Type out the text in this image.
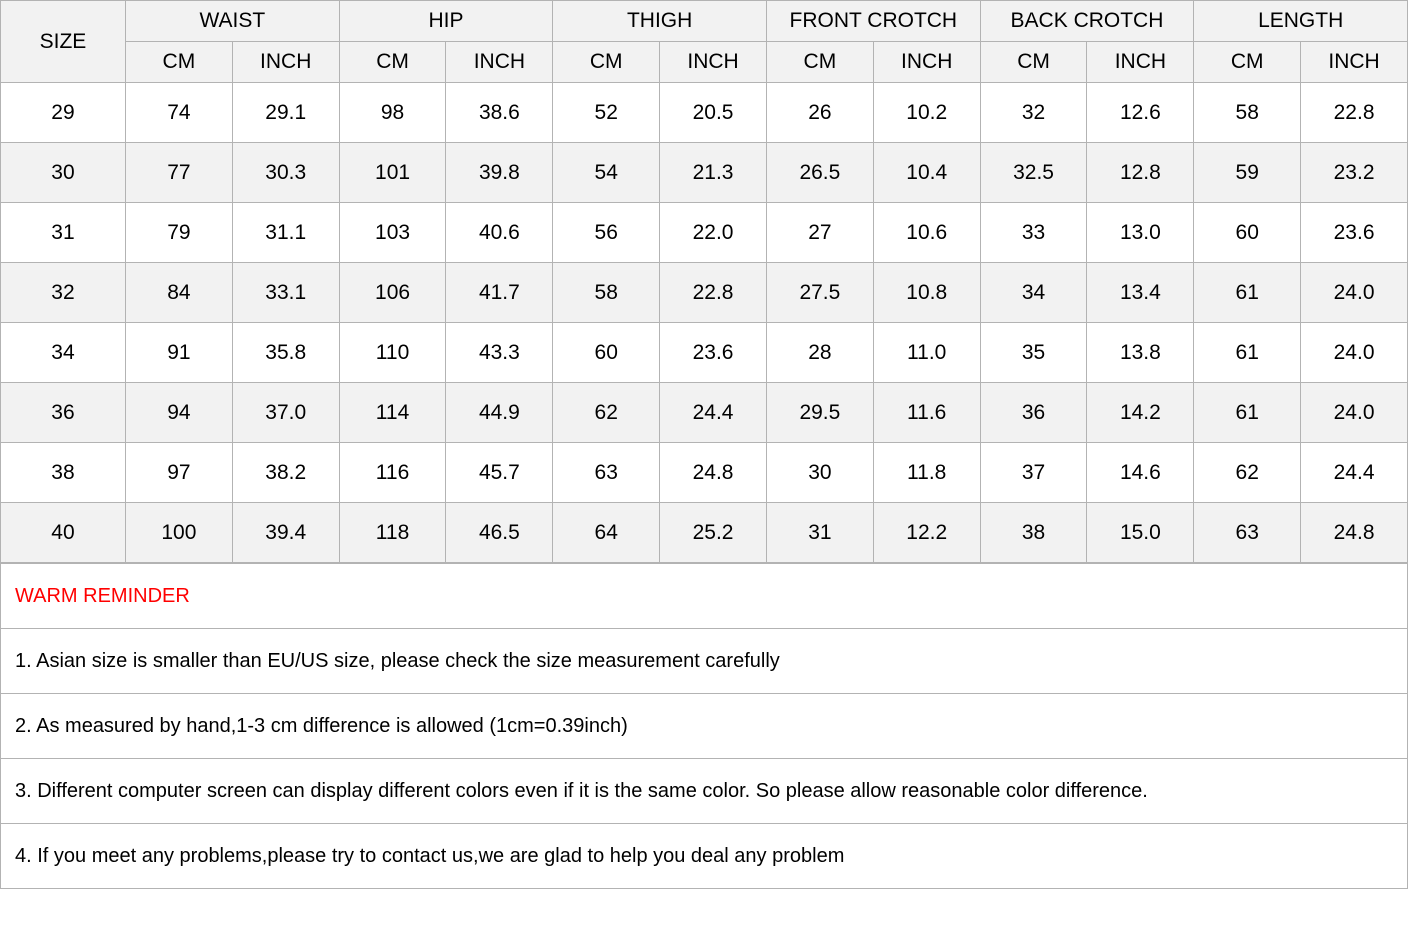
SIZE	WAIST		HIP		THIGH		FRONT CROTCH		BACK CROTCH		LENGTH	
	CM	INCH	CM	INCH	CM	INCH	CM	INCH	CM	INCH	CM	INCH
29	74	29.1	98	38.6	52	20.5	26	10.2	32	12.6	58	22.8
30	77	30.3	101	39.8	54	21.3	26.5	10.4	32.5	12.8	59	23.2
31	79	31.1	103	40.6	56	22.0	27	10.6	33	13.0	60	23.6
32	84	33.1	106	41.7	58	22.8	27.5	10.8	34	13.4	61	24.0
34	91	35.8	110	43.3	60	23.6	28	11.0	35	13.8	61	24.0
36	94	37.0	114	44.9	62	24.4	29.5	11.6	36	14.2	61	24.0
38	97	38.2	116	45.7	63	24.8	30	11.8	37	14.6	62	24.4
40	100	39.4	118	46.5	64	25.2	31	12.2	38	15.0	63	24.8
WARM REMINDER
1. Asian size is smaller than EU/US size, please check the size measurement carefully
2. As measured by hand,1-3 cm difference is allowed (1cm=0.39inch)
3. Different computer screen can display different colors even if it is the same color. So please allow reasonable color difference.
4. If you meet any problems,please try to contact us,we are glad to help you deal any problem
